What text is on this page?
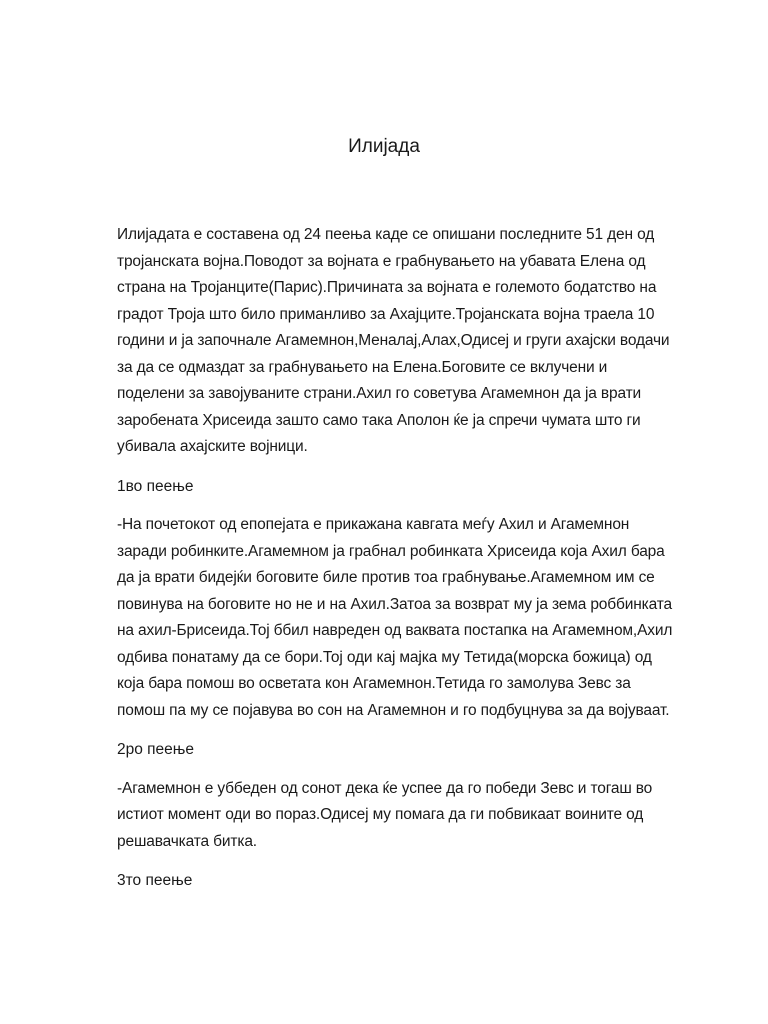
Илијада

Илијадата е составена од 24 пеења каде се опишани последните 51 ден од тројанската војна.Поводот за војната е грабнувањето на убавата Елена од страна на Тројанците(Парис).Причината за војната е големото бодатство на градот Троја што било приманливо за Ахајците.Тројанската војна траела 10 години и ја започнале Агамемнон,Меналај,Алах,Одисеј и груги ахајски водачи за да се одмаздат за грабнувањето на Елена.Боговите се вклучени и поделени за завојуваните страни.Ахил го советува Агамемнон да ја врати заробената Хрисеида зашто само така Аполон ќе ја спречи чумата што ги убивала ахајските војници.

1во пеење

-На почетокот од епопејата е прикажана кавгата меѓу Ахил и Агамемнон заради робинките.Агамемном ја грабнал робинката Хрисеида која Ахил бара да ја врати бидејќи боговите биле против тоа грабнување.Агамемном им се повинува на боговите но не и на Ахил.Затоа за возврат му ја зема роббинката на ахил-Брисеида.Тој ббил навреден од ваквата постапка на Агамемном,Ахил одбива понатаму да се бори.Тој оди кај мајка му Тетида(морска божица) од која бара помош во осветата кон Агамемнон.Тетида го замолува Зевс за помош па му се појавува во сон на Агамемнон и го подбуцнува за да војуваат.

2ро пеење

-Агамемнон е уббеден од сонот дека ќе успее да го победи Зевс и тогаш во истиот момент оди во пораз.Одисеј му помага да ги побвикаат воините од решавачката битка.

3то пеење
